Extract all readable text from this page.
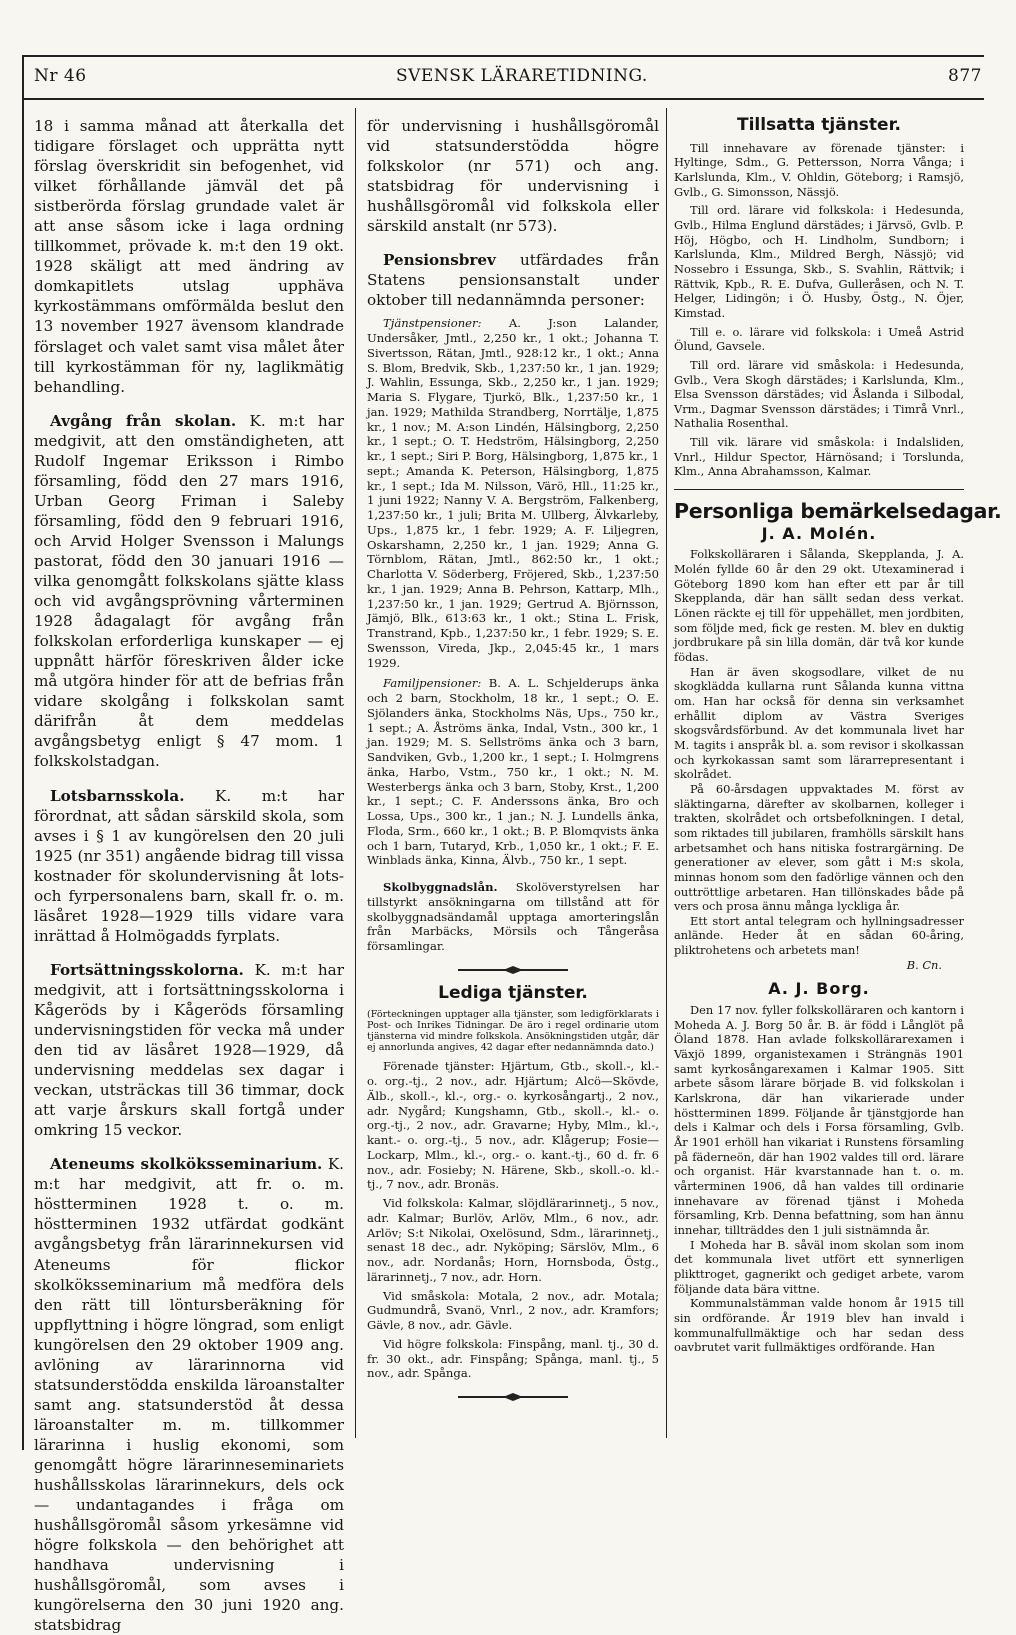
Nr 46	SVENSK LÄRARETIDNING.	877

18 i samma månad att återkalla det tidigare förslaget och upprätta nytt förslag överskridit sin befogenhet, vid vilket förhållande jämväl det på sistberörda förslag grundade valet är att anse såsom icke i laga ordning tillkommet, prövade k. m:t den 19 okt. 1928 skäligt att med ändring av domkapitlets utslag upphäva kyrkostämmans omförmälda beslut den 13 november 1927 ävensom klandrade förslaget och valet samt visa målet åter till kyrkostämman för ny, laglikmätig behandling.

Avgång från skolan. K. m:t har medgivit, att den omständigheten, att Rudolf Ingemar Eriksson i Rimbo församling, född den 27 mars 1916, Urban Georg Friman i Saleby församling, född den 9 februari 1916, och Arvid Holger Svensson i Malungs pastorat, född den 30 januari 1916 — vilka genomgått folkskolans sjätte klass och vid avgångsprövning vårterminen 1928 ådagalagt för avgång från folkskolan erforderliga kunskaper — ej uppnått härför föreskriven ålder icke må utgöra hinder för att de befrias från vidare skolgång i folkskolan samt därifrån åt dem meddelas avgångsbetyg enligt § 47 mom. 1 folkskolstadgan.

Lotsbarnsskola. K. m:t har förordnat, att sådan särskild skola, som avses i § 1 av kungörelsen den 20 juli 1925 (nr 351) angående bidrag till vissa kostnader för skolundervisning åt lots- och fyrpersonalens barn, skall fr. o. m. läsåret 1928—1929 tills vidare vara inrättad å Holmögadds fyrplats.

Fortsättningsskolorna. K. m:t har medgivit, att i fortsättningsskolorna i Kågeröds by i Kågeröds församling undervisningstiden för vecka må under den tid av läsåret 1928—1929, då undervisning meddelas sex dagar i veckan, utsträckas till 36 timmar, dock att varje årskurs skall fortgå under omkring 15 veckor.

Ateneums skolköksseminarium. K. m:t har medgivit, att fr. o. m. höstterminen 1928 t. o. m. höstterminen 1932 utfärdat godkänt avgångsbetyg från lärarinnekursen vid Ateneums för flickor skolköksseminarium må medföra dels den rätt till löntursberäkning för uppflyttning i högre löngrad, som enligt kungörelsen den 29 oktober 1909 ang. avlöning av lärarinnorna vid statsunderstödda enskilda läroanstalter samt ang. statsunderstöd åt dessa läroanstalter m. m. tillkommer lärarinna i huslig ekonomi, som genomgått högre lärarinneseminariets hushållsskolas lärarinnekurs, dels ock — undantagandes i fråga om hushållsgöromål såsom yrkesämne vid högre folkskola — den behörighet att handhava undervisning i hushållsgöromål, som avses i kungörelserna den 30 juni 1920 ang. statsbidrag

för undervisning i hushållsgöromål vid statsunderstödda högre folkskolor (nr 571) och ang. statsbidrag för undervisning i hushållsgöromål vid folkskola eller särskild anstalt (nr 573).

Pensionsbrev utfärdades från Statens pensionsanstalt under oktober till nedannämnda personer:

Tjänstpensioner: A. J:son Lalander, Undersåker, Jmtl., 2,250 kr., 1 okt.; Johanna T. Sivertsson, Rätan, Jmtl., 928:12 kr., 1 okt.; Anna S. Blom, Bredvik, Skb., 1,237:50 kr., 1 jan. 1929; J. Wahlin, Essunga, Skb., 2,250 kr., 1 jan. 1929; Maria S. Flygare, Tjurkö, Blk., 1,237:50 kr., 1 jan. 1929; Mathilda Strandberg, Norrtälje, 1,875 kr., 1 nov.; M. A:son Lindén, Hälsingborg, 2,250 kr., 1 sept.; O. T. Hedström, Hälsingborg, 2,250 kr., 1 sept.; Siri P. Borg, Hälsingborg, 1,875 kr., 1 sept.; Amanda K. Peterson, Hälsingborg, 1,875 kr., 1 sept.; Ida M. Nilsson, Värö, Hll., 11:25 kr., 1 juni 1922; Nanny V. A. Bergström, Falkenberg, 1,237:50 kr., 1 juli; Brita M. Ullberg, Älvkarleby, Ups., 1,875 kr., 1 febr. 1929; A. F. Liljegren, Oskarshamn, 2,250 kr., 1 jan. 1929; Anna G. Törnblom, Rätan, Jmtl., 862:50 kr., 1 okt.; Charlotta V. Söderberg, Fröjered, Skb., 1,237:50 kr., 1 jan. 1929; Anna B. Pehrson, Kattarp, Mlh., 1,237:50 kr., 1 jan. 1929; Gertrud A. Björnsson, Jämjö, Blk., 613:63 kr., 1 okt.; Stina L. Frisk, Transtrand, Kpb., 1,237:50 kr., 1 febr. 1929; S. E. Swensson, Vireda, Jkp., 2,045:45 kr., 1 mars 1929.

Familjpensioner: B. A. L. Schjelderups änka och 2 barn, Stockholm, 18 kr., 1 sept.; O. E. Sjölanders änka, Stockholms Näs, Ups., 750 kr., 1 sept.; A. Åströms änka, Indal, Vstn., 300 kr., 1 jan. 1929; M. S. Sellströms änka och 3 barn, Sandviken, Gvb., 1,200 kr., 1 sept.; I. Holmgrens änka, Harbo, Vstm., 750 kr., 1 okt.; N. M. Westerbergs änka och 3 barn, Stoby, Krst., 1,200 kr., 1 sept.; C. F. Anderssons änka, Bro och Lossa, Ups., 300 kr., 1 jan.; N. J. Lundells änka, Floda, Srm., 660 kr., 1 okt.; B. P. Blomqvists änka och 1 barn, Tutaryd, Krb., 1,050 kr., 1 okt.; F. E. Winblads änka, Kinna, Älvb., 750 kr., 1 sept.

Skolbyggnadslån. Skolöverstyrelsen har tillstyrkt ansökningarna om tillstånd att för skolbyggnadsändamål upptaga amorteringslån från Marbäcks, Mörsils och Tångeråsa församlingar.

Lediga tjänster.

(Förteckningen upptager alla tjänster, som ledigförklarats i Post- och Inrikes Tidningar. De äro i regel ordinarie utom tjänsterna vid mindre folkskola. Ansökningstiden utgår, där ej annorlunda angives, 42 dagar efter nedannämnda dato.)

Förenade tjänster: Hjärtum, Gtb., skoll.-, kl.- o. org.-tj., 2 nov., adr. Hjärtum; Alcö—Skövde, Älb., skoll.-, kl.-, org.- o. kyrkosångartj., 2 nov., adr. Nygård; Kungshamn, Gtb., skoll.-, kl.- o. org.-tj., 2 nov., adr. Gravarne; Hyby, Mlm., kl.-, kant.- o. org.-tj., 5 nov., adr. Klågerup; Fosie—Lockarp, Mlm., kl.-, org.- o. kant.-tj., 60 d. fr. 6 nov., adr. Fosieby; N. Härene, Skb., skoll.-o. kl.-tj., 7 nov., adr. Bronäs.

Vid folkskola: Kalmar, slöjdlärarinnetj., 5 nov., adr. Kalmar; Burlöv, Arlöv, Mlm., 6 nov., adr. Arlöv; S:t Nikolai, Oxelösund, Sdm., lärarinnetj., senast 18 dec., adr. Nyköping; Särslöv, Mlm., 6 nov., adr. Nordanås; Horn, Hornsboda, Östg., lärarinnetj., 7 nov., adr. Horn.

Vid småskola: Motala, 2 nov., adr. Motala; Gudmundrå, Svanö, Vnrl., 2 nov., adr. Kramfors; Gävle, 8 nov., adr. Gävle.

Vid högre folkskola: Finspång, manl. tj., 30 d. fr. 30 okt., adr. Finspång; Spånga, manl. tj., 5 nov., adr. Spånga.

Tillsatta tjänster.

Till innehavare av förenade tjänster: i Hyltinge, Sdm., G. Pettersson, Norra Vånga; i Karlslunda, Klm., V. Ohldin, Göteborg; i Ramsjö, Gvlb., G. Simonsson, Nässjö.

Till ord. lärare vid folkskola: i Hedesunda, Gvlb., Hilma Englund därstädes; i Järvsö, Gvlb. P. Höj, Högbo, och H. Lindholm, Sundborn; i Karlslunda, Klm., Mildred Bergh, Nässjö; vid Nossebro i Essunga, Skb., S. Svahlin, Rättvik; i Rättvik, Kpb., R. E. Dufva, Gulleråsen, och N. T. Helger, Lidingön; i Ö. Husby, Östg., N. Öjer, Kimstad.

Till e. o. lärare vid folkskola: i Umeå Astrid Ölund, Gavsele.

Till ord. lärare vid småskola: i Hedesunda, Gvlb., Vera Skogh därstädes; i Karlslunda, Klm., Elsa Svensson därstädes; vid Åslanda i Silbodal, Vrm., Dagmar Svensson därstädes; i Timrå Vnrl., Nathalia Rosenthal.

Till vik. lärare vid småskola: i Indalsliden, Vnrl., Hildur Spector, Härnösand; i Torslunda, Klm., Anna Abrahamsson, Kalmar.

Personliga bemärkelsedagar.
J. A. Molén.

Folkskolläraren i Sålanda, Skepplanda, J. A. Molén fyllde 60 år den 29 okt. Utexaminerad i Göteborg 1890 kom han efter ett par år till Skepplanda, där han sällt sedan dess verkat. Lönen räckte ej till för uppehället, men jordbiten, som följde med, fick ge resten. M. blev en duktig jordbrukare på sin lilla domän, där två kor kunde födas.

Han är även skogsodlare, vilket de nu skogklädda kullarna runt Sålanda kunna vittna om. Han har också för denna sin verksamhet erhållit diplom av Västra Sveriges skogsvårdsförbund. Av det kommunala livet har M. tagits i anspråk bl. a. som revisor i skolkassan och kyrkokassan samt som lärarrepresentant i skolrådet.

På 60-årsdagen uppvaktades M. först av släktingarna, därefter av skolbarnen, kolleger i trakten, skolrådet och ortsbefolkningen. I detal, som riktades till jubilaren, framhölls särskilt hans arbetsamhet och hans nitiska fostrargärning. De generationer av elever, som gått i M:s skola, minnas honom som den fadörlige vännen och den outtröttlige arbetaren. Han tillönskades både på vers och prosa ännu många lyckliga år.

Ett stort antal telegram och hyllningsadresser anlände. Heder åt en sådan 60-åring, pliktrohetens och arbetets man!

B. Cn.

A. J. Borg.

Den 17 nov. fyller folkskolläraren och kantorn i Moheda A. J. Borg 50 år. B. är född i Långlöt på Öland 1878. Han avlade folkskollärarexamen i Växjö 1899, organistexamen i Strängnäs 1901 samt kyrkosångarexamen i Kalmar 1905. Sitt arbete såsom lärare började B. vid folkskolan i Karlskrona, där han vikarierade under höstterminen 1899. Följande år tjänstgjorde han dels i Kalmar och dels i Forsa församling, Gvlb. År 1901 erhöll han vikariat i Runstens församling på fädernеön, där han 1902 valdes till ord. lärare och organist. Här kvarstannade han t. o. m. vårterminen 1906, då han valdes till ordinarie innehavare av förenad tjänst i Moheda församling, Krb. Denna befattning, som han ännu innehar, tillträddes den 1 juli sistnämnda år.

I Moheda har B. såväl inom skolan som inom det kommunala livet utfört ett synnerligen plikttroget, gagnerikt och gediget arbete, varom följande data bära vittne.

Kommunalstämman valde honom år 1915 till sin ordförande. År 1919 blev han invald i kommunalfullmäktige och har sedan dess oavbrutet varit fullmäktiges ordförande. Han
